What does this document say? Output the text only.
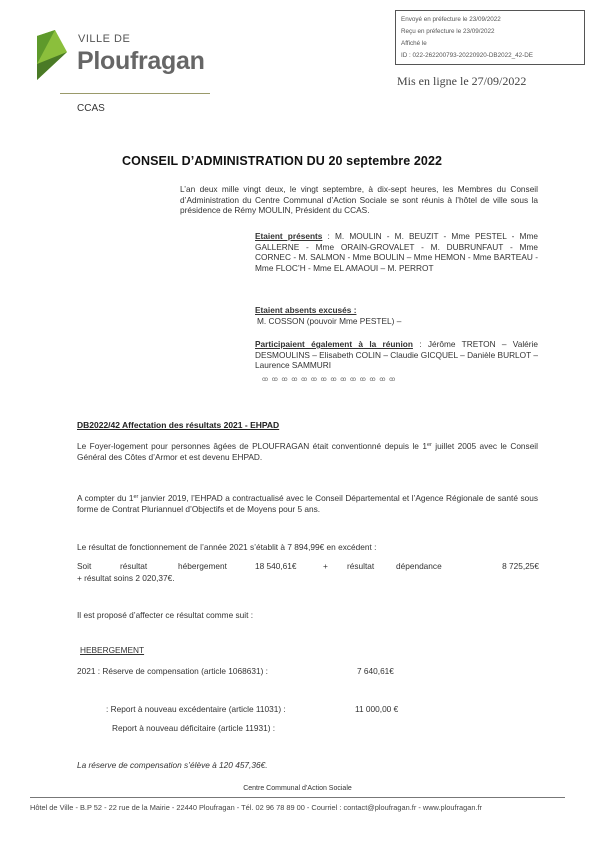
VILLE DE
Ploufragan
CCAS
Envoyé en préfecture le 23/09/2022
Reçu en préfecture le 23/09/2022
Affiché le
ID : 022-262200793-20220920-DB2022_42-DE
Mis en ligne le 27/09/2022
CONSEIL D’ADMINISTRATION DU 20 septembre 2022
L’an deux mille vingt deux, le vingt septembre, à dix-sept heures, les Membres du Conseil d’Administration du Centre Communal d’Action Sociale se sont réunis à l’hôtel de ville sous la présidence de Rémy MOULIN, Président du CCAS.
Etaient présents : M. MOULIN - M. BEUZIT - Mme PESTEL - Mme GALLERNE - Mme ORAIN-GROVALET - M. DUBRUNFAUT - Mme CORNEC - M. SALMON - Mme BOULIN – Mme HEMON - Mme BARTEAU - Mme FLOC’H - Mme EL AMAOUI – M. PERROT
Etaient absents excusés :
M. COSSON (pouvoir Mme PESTEL) –
Participaient également à la réunion : Jérôme TRETON – Valérie DESMOULINS – Elisabeth COLIN – Claudie GICQUEL – Danièle BURLOT – Laurence SAMMURI
ꝏ ꝏ ꝏ ꝏ ꝏ ꝏ ꝏ ꝏ ꝏ ꝏ ꝏ ꝏ ꝏ ꝏ
DB2022/42 Affectation des résultats 2021 - EHPAD
Le Foyer-logement pour personnes âgées de PLOUFRAGAN était conventionné depuis le 1er juillet 2005 avec le Conseil Général des Côtes d’Armor et est devenu EHPAD.
A compter du 1er janvier 2019, l’EHPAD a contractualisé avec le Conseil Départemental et l’Agence Régionale de santé sous forme de Contrat Pluriannuel d’Objectifs et de Moyens pour 5 ans.
Le résultat de fonctionnement de l’année 2021 s’établit à 7 894,99€ en excédent :
Soit	résultat	hébergement	18 540,61€	+ résultat	dépendance	8 725,25€
+ résultat soins 2 020,37€.
Il est proposé d’affecter ce résultat comme suit :
HEBERGEMENT
2021 : Réserve de compensation (article 1068631) :	7 640,61€
: Report à nouveau excédentaire (article 11031) :	11 000,00 €
Report à nouveau déficitaire (article 11931) :
La réserve de compensation s’élève à 120 457,36€.
Centre Communal d’Action Sociale
Hôtel de Ville - B.P 52 - 22 rue de la Mairie - 22440 Ploufragan - Tél. 02 96 78 89 00 - Courriel : contact@ploufragan.fr - www.ploufragan.fr
